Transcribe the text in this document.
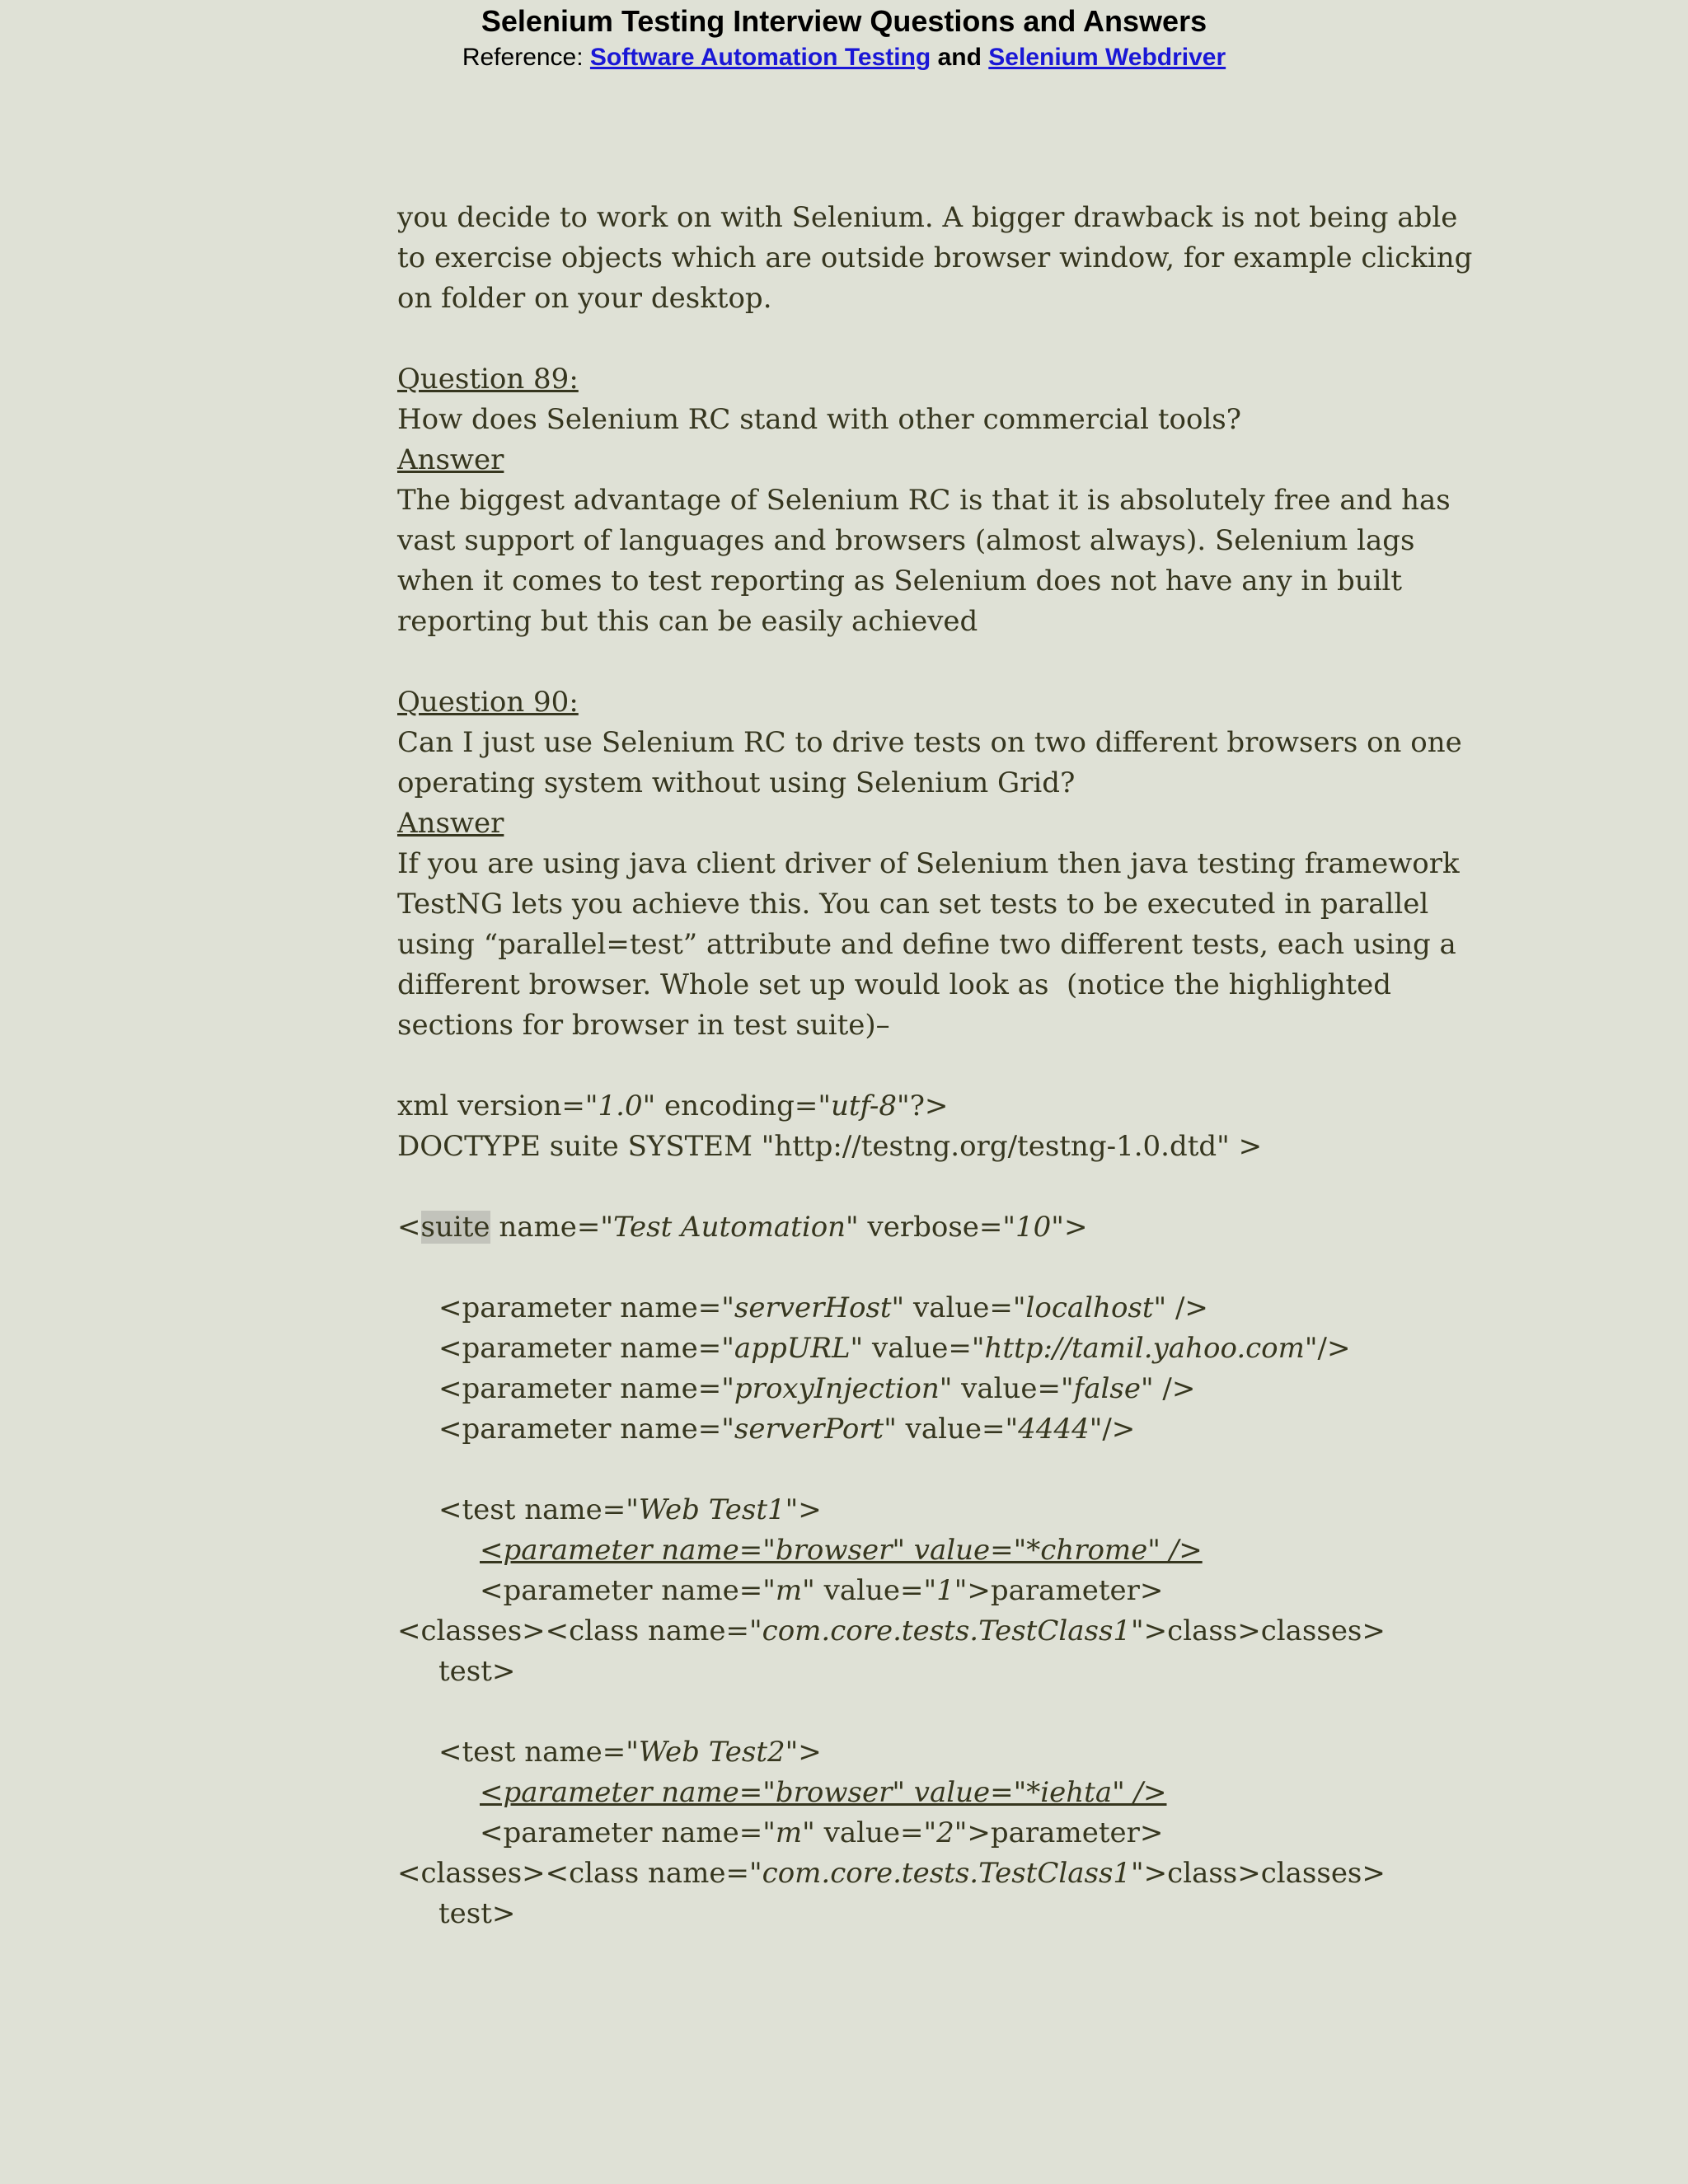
Selenium Testing Interview Questions and Answers
Reference: Software Automation Testing and Selenium Webdriver
you decide to work on with Selenium. A bigger drawback is not being able
to exercise objects which are outside browser window, for example clicking
on folder on your desktop.
Question 89:
How does Selenium RC stand with other commercial tools?
Answer
The biggest advantage of Selenium RC is that it is absolutely free and has
vast support of languages and browsers (almost always). Selenium lags
when it comes to test reporting as Selenium does not have any in built
reporting but this can be easily achieved
Question 90:
Can I just use Selenium RC to drive tests on two different browsers on one
operating system without using Selenium Grid?
Answer
If you are using java client driver of Selenium then java testing framework
TestNG lets you achieve this. You can set tests to be executed in parallel
using “parallel=test” attribute and define two different tests, each using a
different browser. Whole set up would look as  (notice the highlighted
sections for browser in test suite)–
xml version="1.0" encoding="utf-8"?>
DOCTYPE suite SYSTEM "http://testng.org/testng-1.0.dtd" >
<suite name="Test Automation" verbose="10">
<parameter name="serverHost" value="localhost" />
<parameter name="appURL" value="http://tamil.yahoo.com"/>
<parameter name="proxyInjection" value="false" />
<parameter name="serverPort" value="4444"/>
<test name="Web Test1">
<parameter name="browser" value="*chrome" />
<parameter name="m" value="1">parameter>
<classes><class name="com.core.tests.TestClass1">class>classes>
test>
<test name="Web Test2">
<parameter name="browser" value="*iehta" />
<parameter name="m" value="2">parameter>
<classes><class name="com.core.tests.TestClass1">class>classes>
test>
